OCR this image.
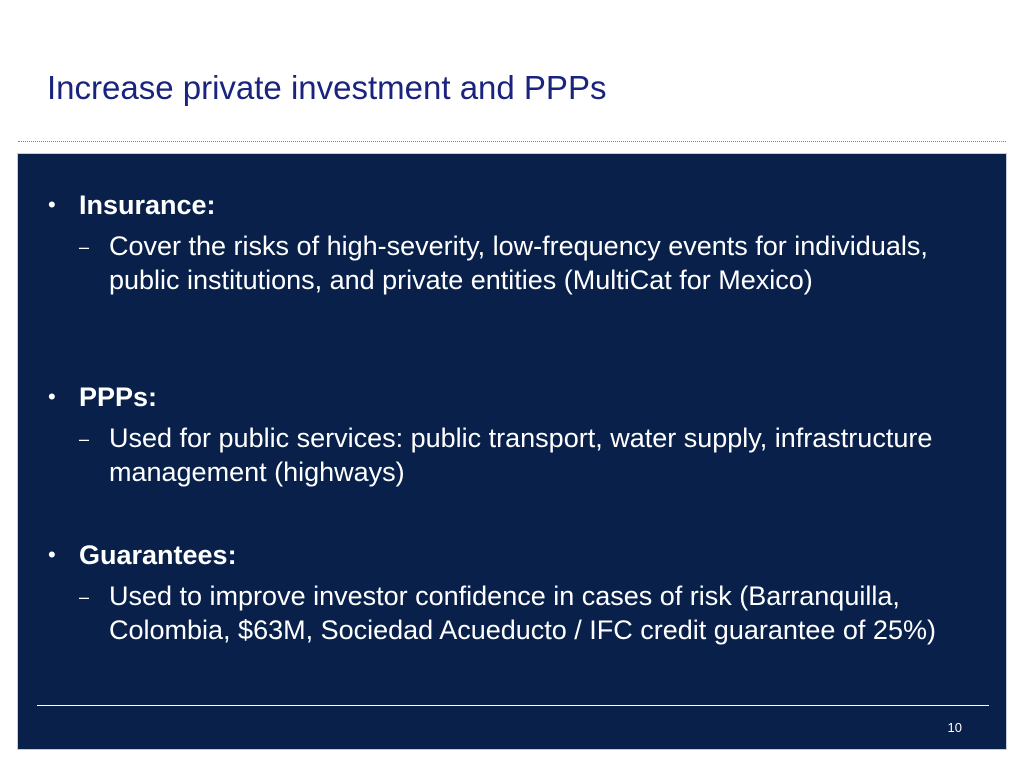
Increase private investment and PPPs
• Insurance:
– Cover the risks of high-severity, low-frequency events for individuals, public institutions, and private entities (MultiCat for Mexico)
• PPPs:
– Used for public services: public transport, water supply, infrastructure management (highways)
• Guarantees:
– Used to improve investor confidence in cases of risk (Barranquilla, Colombia, $63M, Sociedad Acueducto / IFC credit guarantee of 25%)
10
